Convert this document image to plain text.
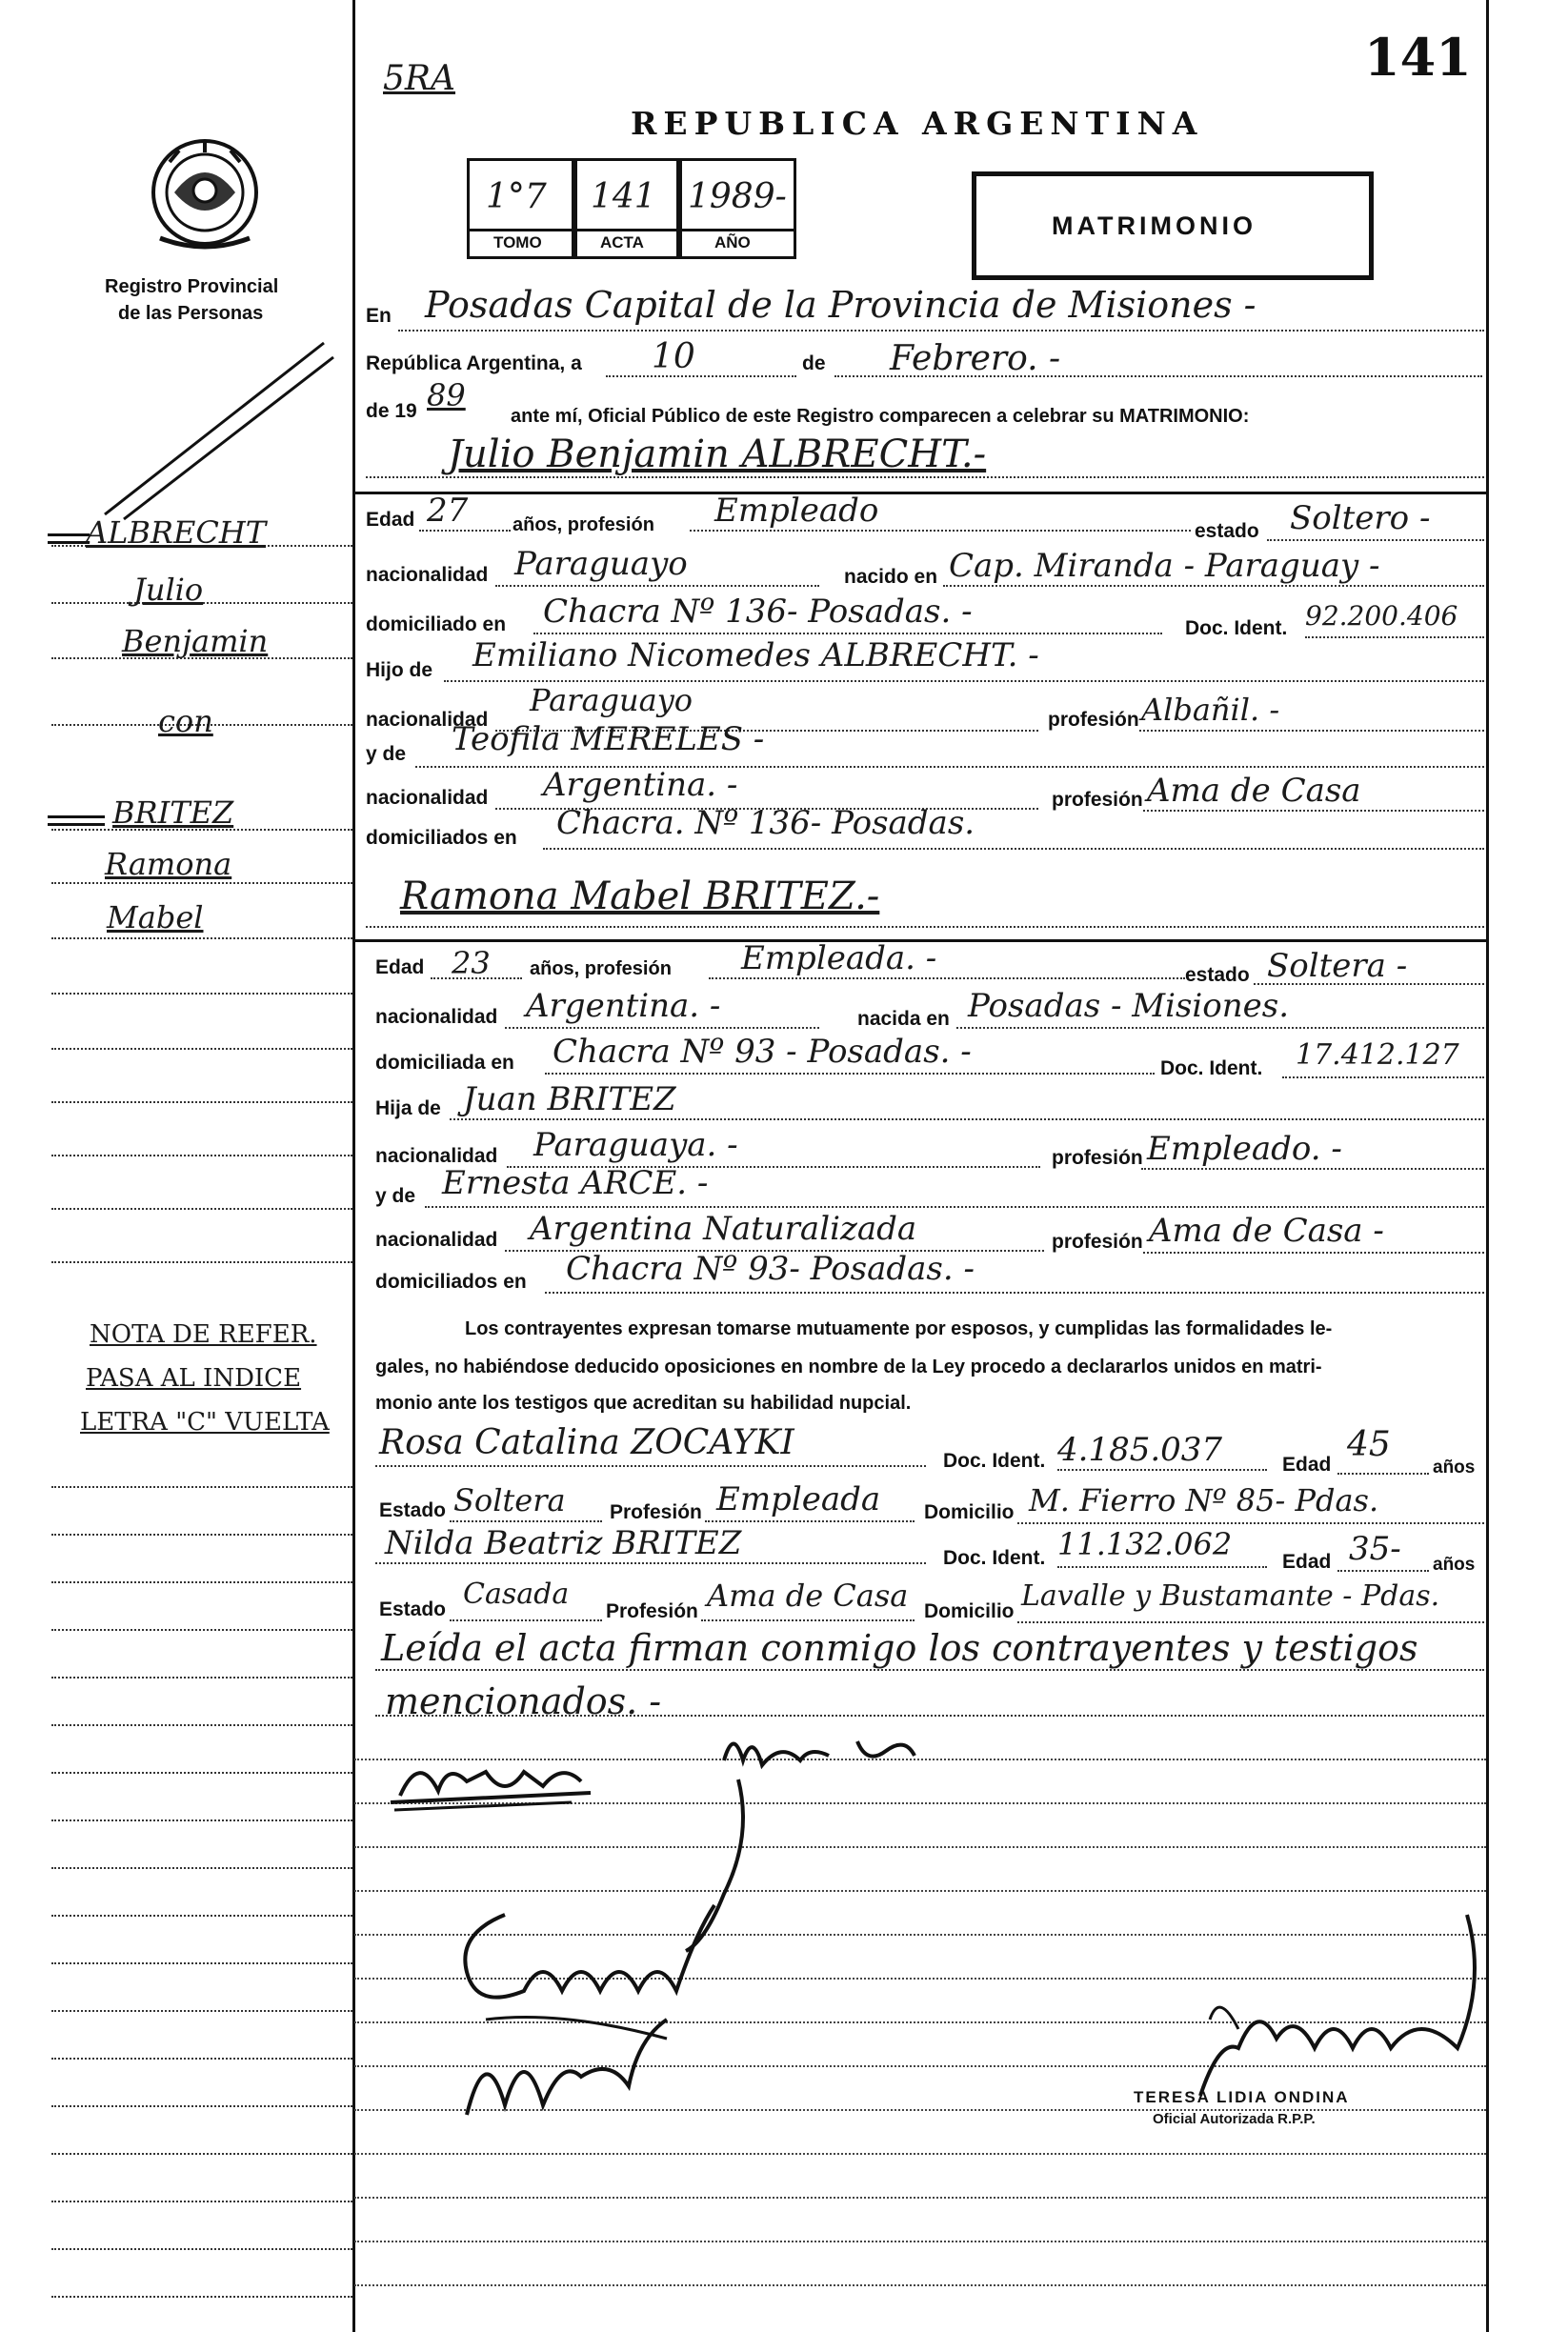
141
5RA
Registro Provincial
de las Personas
REPUBLICA ARGENTINA
1°7 141 1989-
TOMO	ACTA	AÑO
MATRIMONIO
ALBRECHT
Julio
Benjamin
con
BRITEZ
Ramona
Mabel
NOTA DE REFER.
PASA AL INDICE
LETRA "C" VUELTA
En Posadas Capital de la Provincia de Misiones -
República Argentina, a 10	de Febrero. -
de 19 89
ante mí, Oficial Público de este Registro comparecen a celebrar su MATRIMONIO:
Julio Benjamin ALBRECHT.-
Edad 27 años, profesión Empleado
estado Soltero -
nacionalidad Paraguayo	nacido en Cap. Miranda - Paraguay -
domiciliado en Chacra Nº 136- Posadas. -	Doc. Ident. 92.200.406
Hijo de Emiliano Nicomedes ALBRECHT. -
nacionalidad
Paraguayo
profesión Albañil. -
y de Teofila MERELES -
nacionalidad Argentina. -	profesión Ama de Casa
domiciliados en Chacra. Nº 136- Posadas.
Ramona Mabel BRITEZ.-
Edad 23 años, profesión Empleada. -	estado Soltera -
nacionalidad Argentina. -	nacida en Posadas - Misiones.
domiciliada en Chacra Nº 93 - Posadas. -	Doc. Ident. 17.412.127
Hija de Juan BRITEZ
nacionalidad Paraguaya. -	profesión Empleado. -
y de Ernesta ARCE. -
nacionalidad Argentina Naturalizada	profesión Ama de Casa -
domiciliados en Chacra Nº 93- Posadas. -
Los contrayentes expresan tomarse mutuamente por esposos, y cumplidas las formalidades le-
gales, no habiéndose deducido oposiciones en nombre de la Ley procedo a declararlos unidos en matri-
monio ante los testigos que acreditan su habilidad nupcial.
Rosa Catalina ZOCAYKI	Doc. Ident. 4.185.037	Edad
45
años
Estado Soltera Profesión Empleada Domicilio M. Fierro Nº 85- Pdas.
Nilda Beatriz BRITEZ	Doc. Ident. 11.132.062	Edad 35- años
Estado Casada
Profesión Ama de Casa Domicilio Lavalle y Bustamante - Pdas.
Leída el acta firman conmigo los contrayentes y testigos
mencionados. -
TERESA LIDIA ONDINA
Oficial Autorizada R.P.P.
